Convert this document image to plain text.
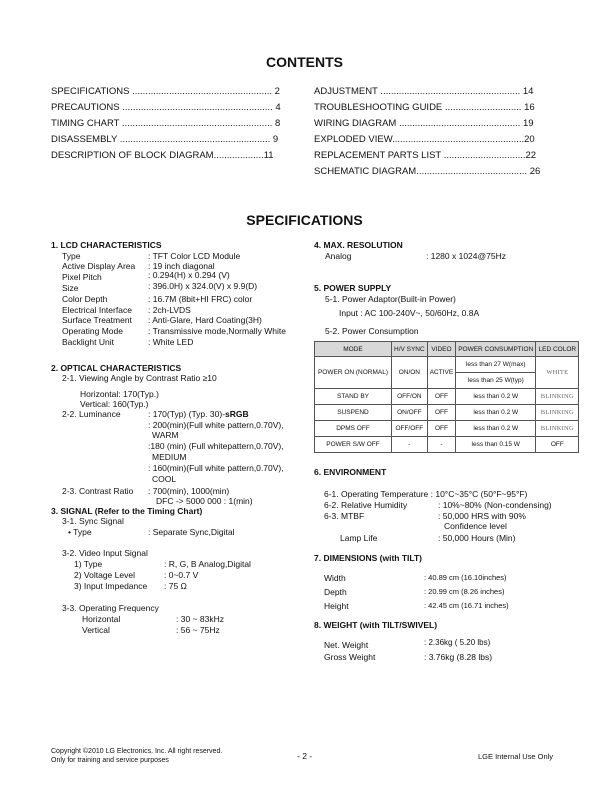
CONTENTS
SPECIFICATIONS ..................................................... 2
PRECAUTIONS ......................................................... 4
TIMING CHART ......................................................... 8
DISASSEMBLY ......................................................... 9
DESCRIPTION OF BLOCK DIAGRAM...................11
ADJUSTMENT ..................................................... 14
TROUBLESHOOTING GUIDE ............................. 16
WIRING DIAGRAM .............................................. 19
EXPLODED VIEW..................................................20
REPLACEMENT PARTS LIST ...............................22
SCHEMATIC DIAGRAM.......................................... 26
SPECIFICATIONS
1. LCD CHARACTERISTICS
Type	: TFT Color LCD Module
Active Display Area : 19 inch diagonal
Pixel Pitch	: 0.294(H) x 0.294 (V)
Size	: 396.0H) x 324.0(V) x 9.9(D)
Color Depth	: 16.7M (8bit+HI FRC) color
Electrical Interface : 2ch-LVDS
Surface Treatment : Anti-Glare, Hard Coating(3H)
Operating Mode	: Transmissive mode,Normally White
Backlight Unit	: White LED
2. OPTICAL CHARACTERISTICS
2-1. Viewing Angle by Contrast Ratio ≥10
Horizontal: 170(Typ.)
Vertical: 160(Typ.)
2-2. Luminance	: 170(Typ) (Typ. 30)-sRGB
: 200(min)(Full white pattern,0.70V),
WARM
:180 (min) (Full whitepattern,0.70V),
MEDIUM
: 160(min)(Full white pattern,0.70V),
COOL
2-3. Contrast Ratio : 700(min), 1000(min)
DFC -> 5000 000 : 1(min)
3. SIGNAL (Refer to the Timing Chart)
3-1. Sync Signal
• Type	: Separate Sync,Digital
3-2. Video Input Signal
1) Type	: R, G, B Analog,Digital
2) Voltage Level	: 0~0.7 V
3) Input Impedance : 75 Ω
3-3. Operating Frequency
Horizontal	: 30 ~ 83kHz
Vertical	: 56 ~ 75Hz
4. MAX. RESOLUTION
Analog	: 1280 x 1024@75Hz
5. POWER SUPPLY
5-1. Power Adaptor(Built-in Power)
Input : AC 100-240V~, 50/60Hz, 0.8A
5-2. Power Consumption
MODE	H/V SYNC	VIDEO	POWER CONSUMPTION	LED COLOR
POWER ON (NORMAL)	ON/ON	ACTIVE	less than 27 W(max)	WHITE
			less than 25 W(typ)	
STAND BY	OFF/ON	OFF	less than 0.2 W	BLINKING
SUSPEND	ON/OFF	OFF	less than 0.2 W	BLINKING
DPMS OFF	OFF/OFF	OFF	less than 0.2 W	BLINKING
POWER S/W OFF	-	-	less than 0.15 W	OFF
6. ENVIRONMENT
6-1. Operating Temperature : 10°C~35°C (50°F~95°F)
6-2. Relative Humidity	: 10%~80% (Non-condensing)
6-3. MTBF	: 50,000 HRS with 90%
Confidence level
Lamp Life	: 50,000 Hours (Min)
7. DIMENSIONS (with TILT)
Width	: 40.89 cm (16.10inches)
Depth	: 20.99 cm (8.26 inches)
Height	: 42.45 cm (16.71 inches)
8. WEIGHT (with TILT/SWIVEL)
Net. Weight	: 2.36kg ( 5.20 lbs)
Gross Weight	: 3.76kg (8.28 lbs)
Copyright ©2010 LG Electronics. Inc. All right reserved.
Only for training and service purposes	- 2 -	LGE Internal Use Only
